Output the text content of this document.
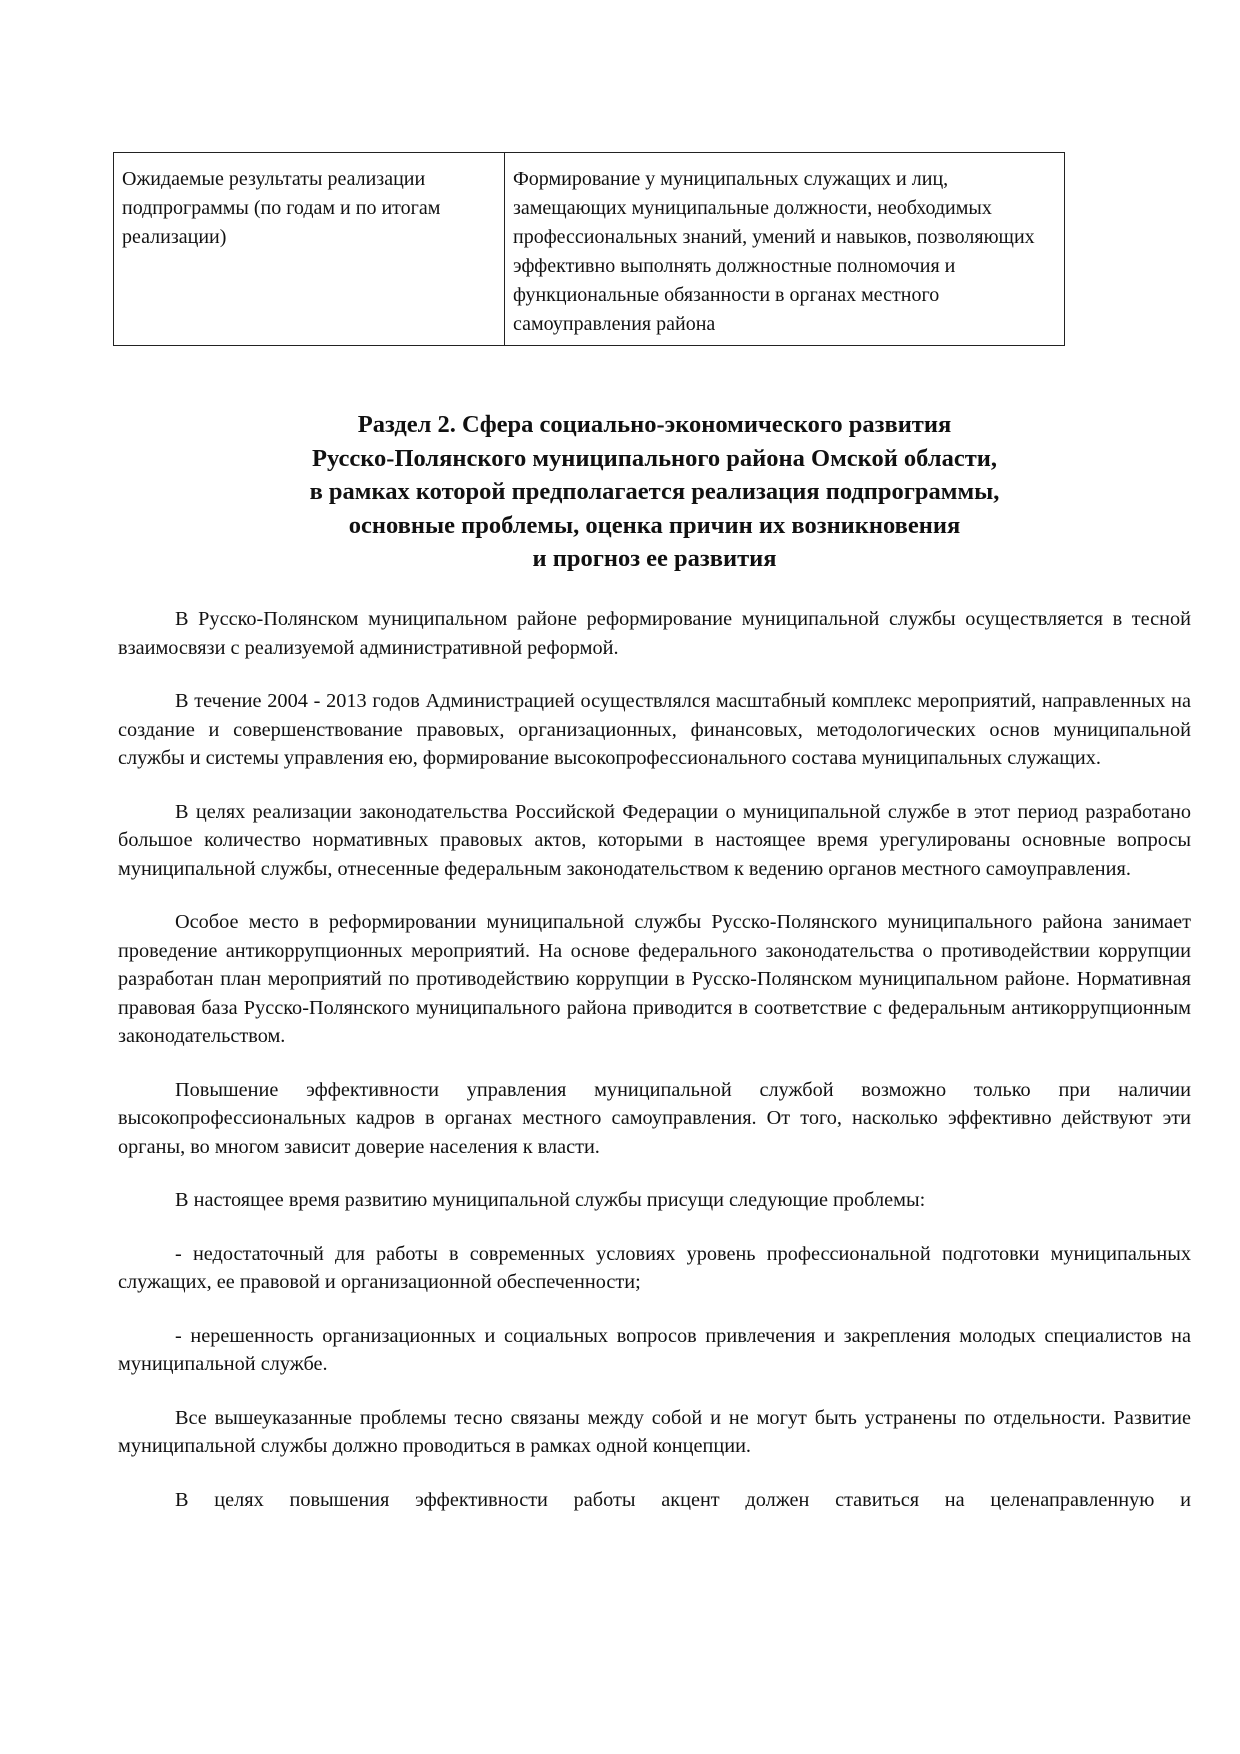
Ожидаемые результаты реализации подпрограммы (по годам и по итогам реализации)	Формирование у муниципальных служащих и лиц, замещающих муниципальные должности, необходимых профессиональных знаний, умений и навыков, позволяющих эффективно выполнять должностные полномочия и функциональные обязанности в органах местного самоуправления района
Раздел 2. Сфера социально-экономического развития
Русско-Полянского муниципального района Омской области,
в рамках которой предполагается реализация подпрограммы,
основные проблемы, оценка причин их возникновения
и прогноз ее развития

В Русско-Полянском муниципальном районе реформирование муниципальной службы осуществляется в тесной взаимосвязи с реализуемой административной реформой.

В течение 2004 - 2013 годов Администрацией осуществлялся масштабный комплекс мероприятий, направленных на создание и совершенствование правовых, организационных, финансовых, методологических основ муниципальной службы и системы управления ею, формирование высокопрофессионального состава муниципальных служащих.

В целях реализации законодательства Российской Федерации о муниципальной службе в этот период разработано большое количество нормативных правовых актов, которыми в настоящее время урегулированы основные вопросы муниципальной службы, отнесенные федеральным законодательством к ведению органов местного самоуправления.

Особое место в реформировании муниципальной службы Русско-Полянского муниципального района занимает проведение антикоррупционных мероприятий. На основе федерального законодательства о противодействии коррупции разработан план мероприятий по противодействию коррупции в Русско-Полянском муниципальном районе. Нормативная правовая база Русско-Полянского муниципального района приводится в соответствие с федеральным антикоррупционным законодательством.

Повышение эффективности управления муниципальной службой возможно только при наличии высокопрофессиональных кадров в органах местного самоуправления. От того, насколько эффективно действуют эти органы, во многом зависит доверие населения к власти.

В настоящее время развитию муниципальной службы присущи следующие проблемы:

- недостаточный для работы в современных условиях уровень профессиональной подготовки муниципальных служащих, ее правовой и организационной обеспеченности;

- нерешенность организационных и социальных вопросов привлечения и закрепления молодых специалистов на муниципальной службе.

Все вышеуказанные проблемы тесно связаны между собой и не могут быть устранены по отдельности. Развитие муниципальной службы должно проводиться в рамках одной концепции.

В целях повышения эффективности работы акцент должен ставиться на целенаправленную и
